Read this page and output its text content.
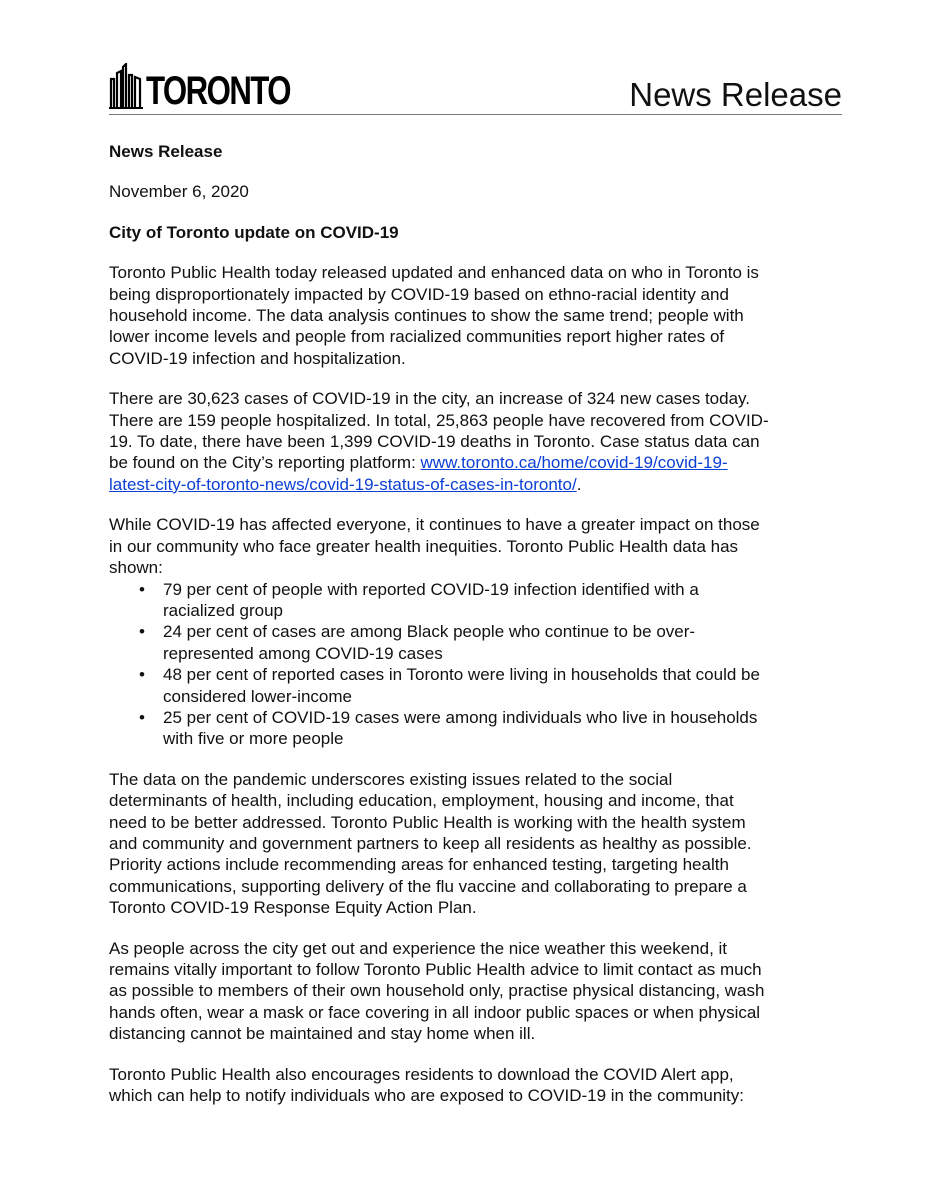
TORONTO	News Release
News Release
November 6, 2020
City of Toronto update on COVID-19
Toronto Public Health today released updated and enhanced data on who in Toronto is
being disproportionately impacted by COVID-19 based on ethno-racial identity and
household income. The data analysis continues to show the same trend; people with
lower income levels and people from racialized communities report higher rates of
COVID-19 infection and hospitalization.
There are 30,623 cases of COVID-19 in the city, an increase of 324 new cases today.
There are 159 people hospitalized. In total, 25,863 people have recovered from COVID-
19. To date, there have been 1,399 COVID-19 deaths in Toronto. Case status data can
be found on the City’s reporting platform: www.toronto.ca/home/covid-19/covid-19-
latest-city-of-toronto-news/covid-19-status-of-cases-in-toronto/.
While COVID-19 has affected everyone, it continues to have a greater impact on those
in our community who face greater health inequities. Toronto Public Health data has
shown:
• 79 per cent of people with reported COVID-19 infection identified with a
racialized group
• 24 per cent of cases are among Black people who continue to be over-
represented among COVID-19 cases
• 48 per cent of reported cases in Toronto were living in households that could be
considered lower-income
• 25 per cent of COVID-19 cases were among individuals who live in households
with five or more people
The data on the pandemic underscores existing issues related to the social
determinants of health, including education, employment, housing and income, that
need to be better addressed. Toronto Public Health is working with the health system
and community and government partners to keep all residents as healthy as possible.
Priority actions include recommending areas for enhanced testing, targeting health
communications, supporting delivery of the flu vaccine and collaborating to prepare a
Toronto COVID-19 Response Equity Action Plan.
As people across the city get out and experience the nice weather this weekend, it
remains vitally important to follow Toronto Public Health advice to limit contact as much
as possible to members of their own household only, practise physical distancing, wash
hands often, wear a mask or face covering in all indoor public spaces or when physical
distancing cannot be maintained and stay home when ill.
Toronto Public Health also encourages residents to download the COVID Alert app,
which can help to notify individuals who are exposed to COVID-19 in the community:
